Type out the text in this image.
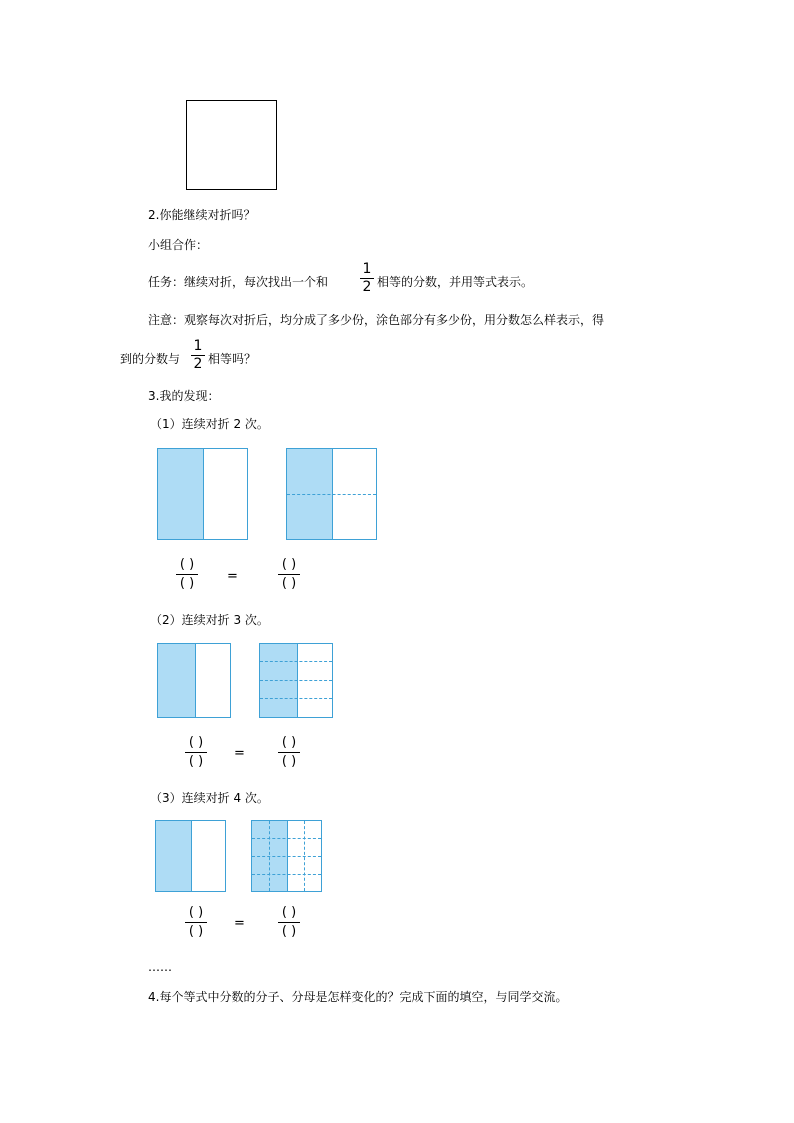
2.你能继续对折吗？
小组合作：
任务：继续对折，每次找出一个和
1
2 相等的分数，并用等式表示。
注意：观察每次对折后，均分成了多少份，涂色部分有多少份，用分数怎么样表示，得
到的分数与
1
2 相等吗？
3.我的发现：
（1）连续对折 2 次。
( )
( )	=
( )
( )
（2）连续对折 3 次。
( )
( )
=
( )
( )
（3）连续对折 4 次。
( )
( )
=
( )
( )
……
4.每个等式中分数的分子、分母是怎样变化的？完成下面的填空，与同学交流。
